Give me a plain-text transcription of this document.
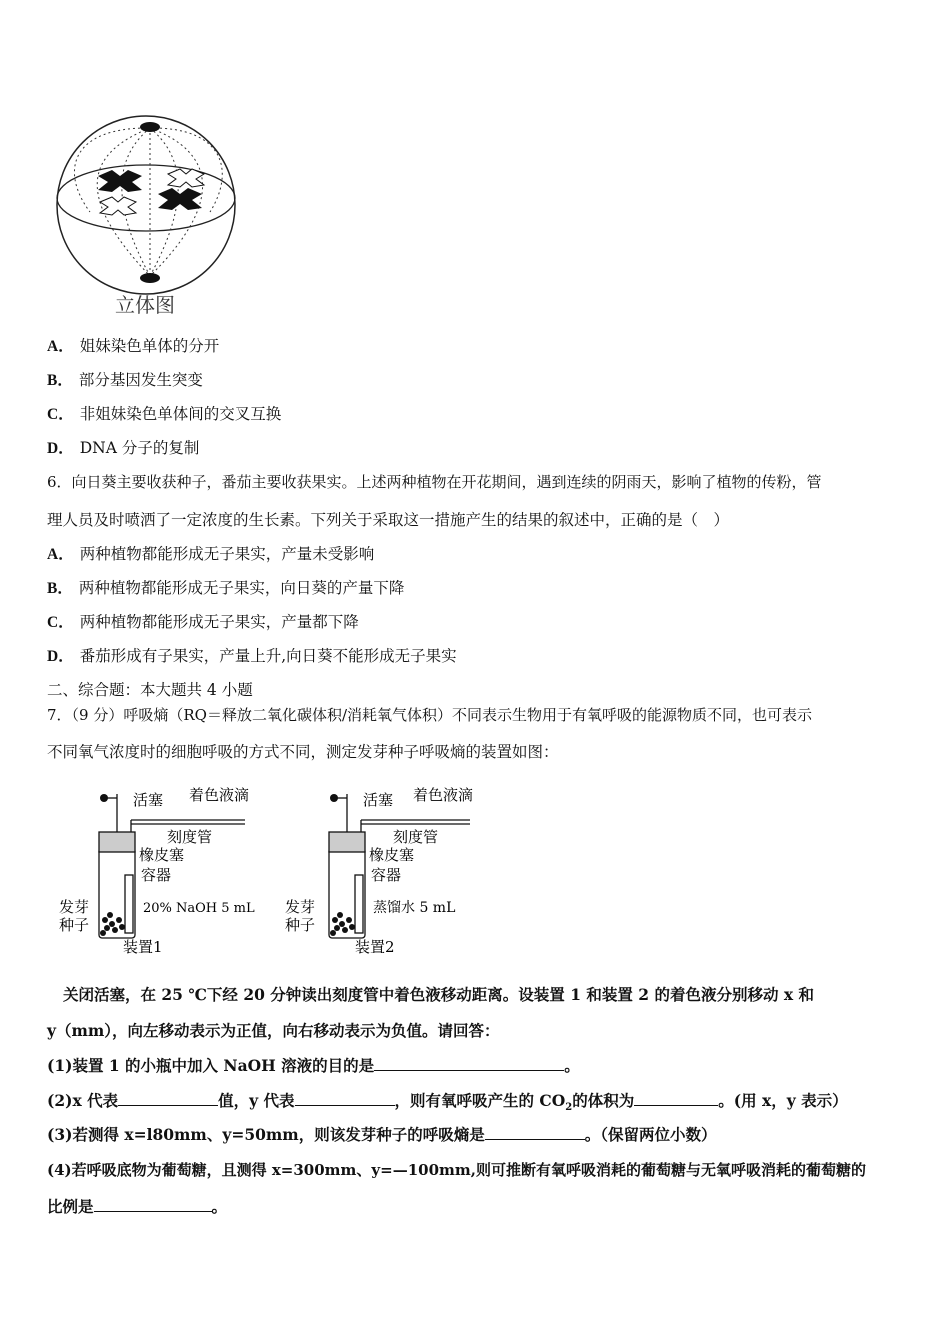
立体图
A． 姐妹染色单体的分开
B． 部分基因发生突变
C． 非姐妹染色单体间的交叉互换
D． DNA 分子的复制
6．向日葵主要收获种子，番茄主要收获果实。上述两种植物在开花期间，遇到连续的阴雨天，影响了植物的传粉，管
理人员及时喷洒了一定浓度的生长素。下列关于采取这一措施产生的结果的叙述中，正确的是（　）
A． 两种植物都能形成无子果实，产量未受影响
B． 两种植物都能形成无子果实，向日葵的产量下降
C． 两种植物都能形成无子果实，产量都下降
D． 番茄形成有子果实，产量上升,向日葵不能形成无子果实
二、综合题：本大题共 4 小题
7．（9 分）呼吸熵（RQ＝释放二氧化碳体积/消耗氧气体积）不同表示生物用于有氧呼吸的能源物质不同，也可表示
不同氧气浓度时的细胞呼吸的方式不同，测定发芽种子呼吸熵的装置如图：
活塞 着色液滴
刻度管
橡皮塞
容器
发芽
种子
20% NaOH 5 mL
装置1
活塞 着色液滴
刻度管
橡皮塞
容器
发芽
种子
蒸馏水 5 mL
装置2
关闭活塞，在 25 ℃下经 20 分钟读出刻度管中着色液移动距离。设装置 1 和装置 2 的着色液分别移动 x 和
y（mm），向左移动表示为正值，向右移动表示为负值。请回答：
(1)装置 1 的小瓶中加入 NaOH 溶液的目的是	。
(2)x 代表	值，y 代表	，则有氧呼吸产生的 $CO_2$的体积为	。(用 x，y 表示）
(3)若测得 x=l80mm、y=50mm，则该发芽种子的呼吸熵是	。（保留两位小数）
(4)若呼吸底物为葡萄糖，且测得 x=300mm、y=—100mm,则可推断有氧呼吸消耗的葡萄糖与无氧呼吸消耗的葡萄糖的
比例是	。
